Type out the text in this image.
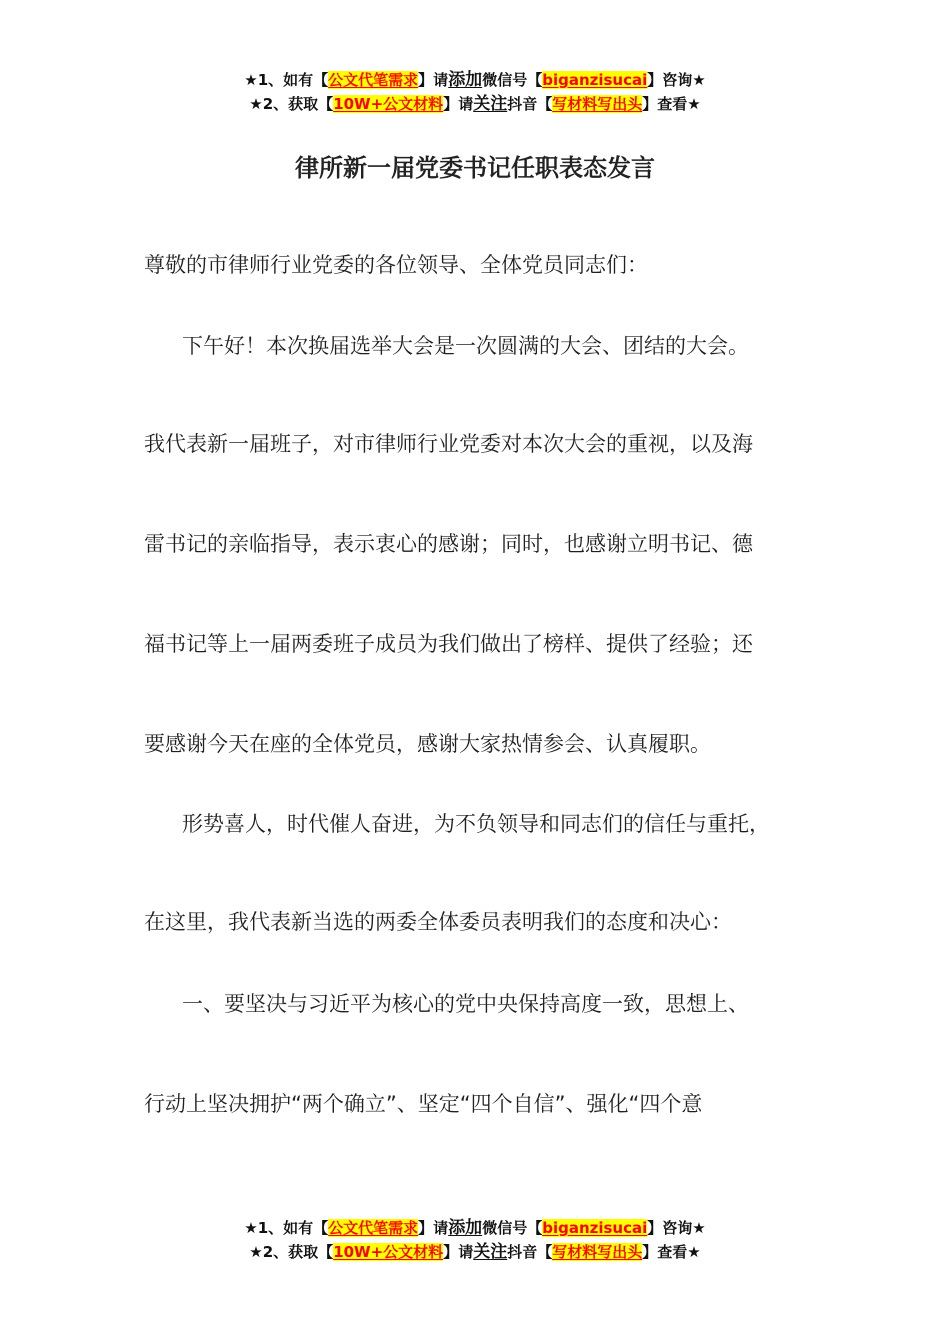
★1、如有【公文代笔需求】请添加微信号【biganzisucai】咨询★
★2、获取【10W+公文材料】请关注抖音【写材料写出头】查看★
律所新一届党委书记任职表态发言
尊敬的市律师行业党委的各位领导、全体党员同志们：
下午好！本次换届选举大会是一次圆满的大会、团结的大会。
我代表新一届班子，对市律师行业党委对本次大会的重视，以及海
雷书记的亲临指导，表示衷心的感谢；同时，也感谢立明书记、德
福书记等上一届两委班子成员为我们做出了榜样、提供了经验；还
要感谢今天在座的全体党员，感谢大家热情参会、认真履职。
形势喜人，时代催人奋进，为不负领导和同志们的信任与重托，
在这里，我代表新当选的两委全体委员表明我们的态度和决心：
一、要坚决与习近平为核心的党中央保持高度一致，思想上、
行动上坚决拥护“两个确立”、坚定“四个自信”、强化“四个意
★1、如有【公文代笔需求】请添加微信号【biganzisucai】咨询★
★2、获取【10W+公文材料】请关注抖音【写材料写出头】查看★
